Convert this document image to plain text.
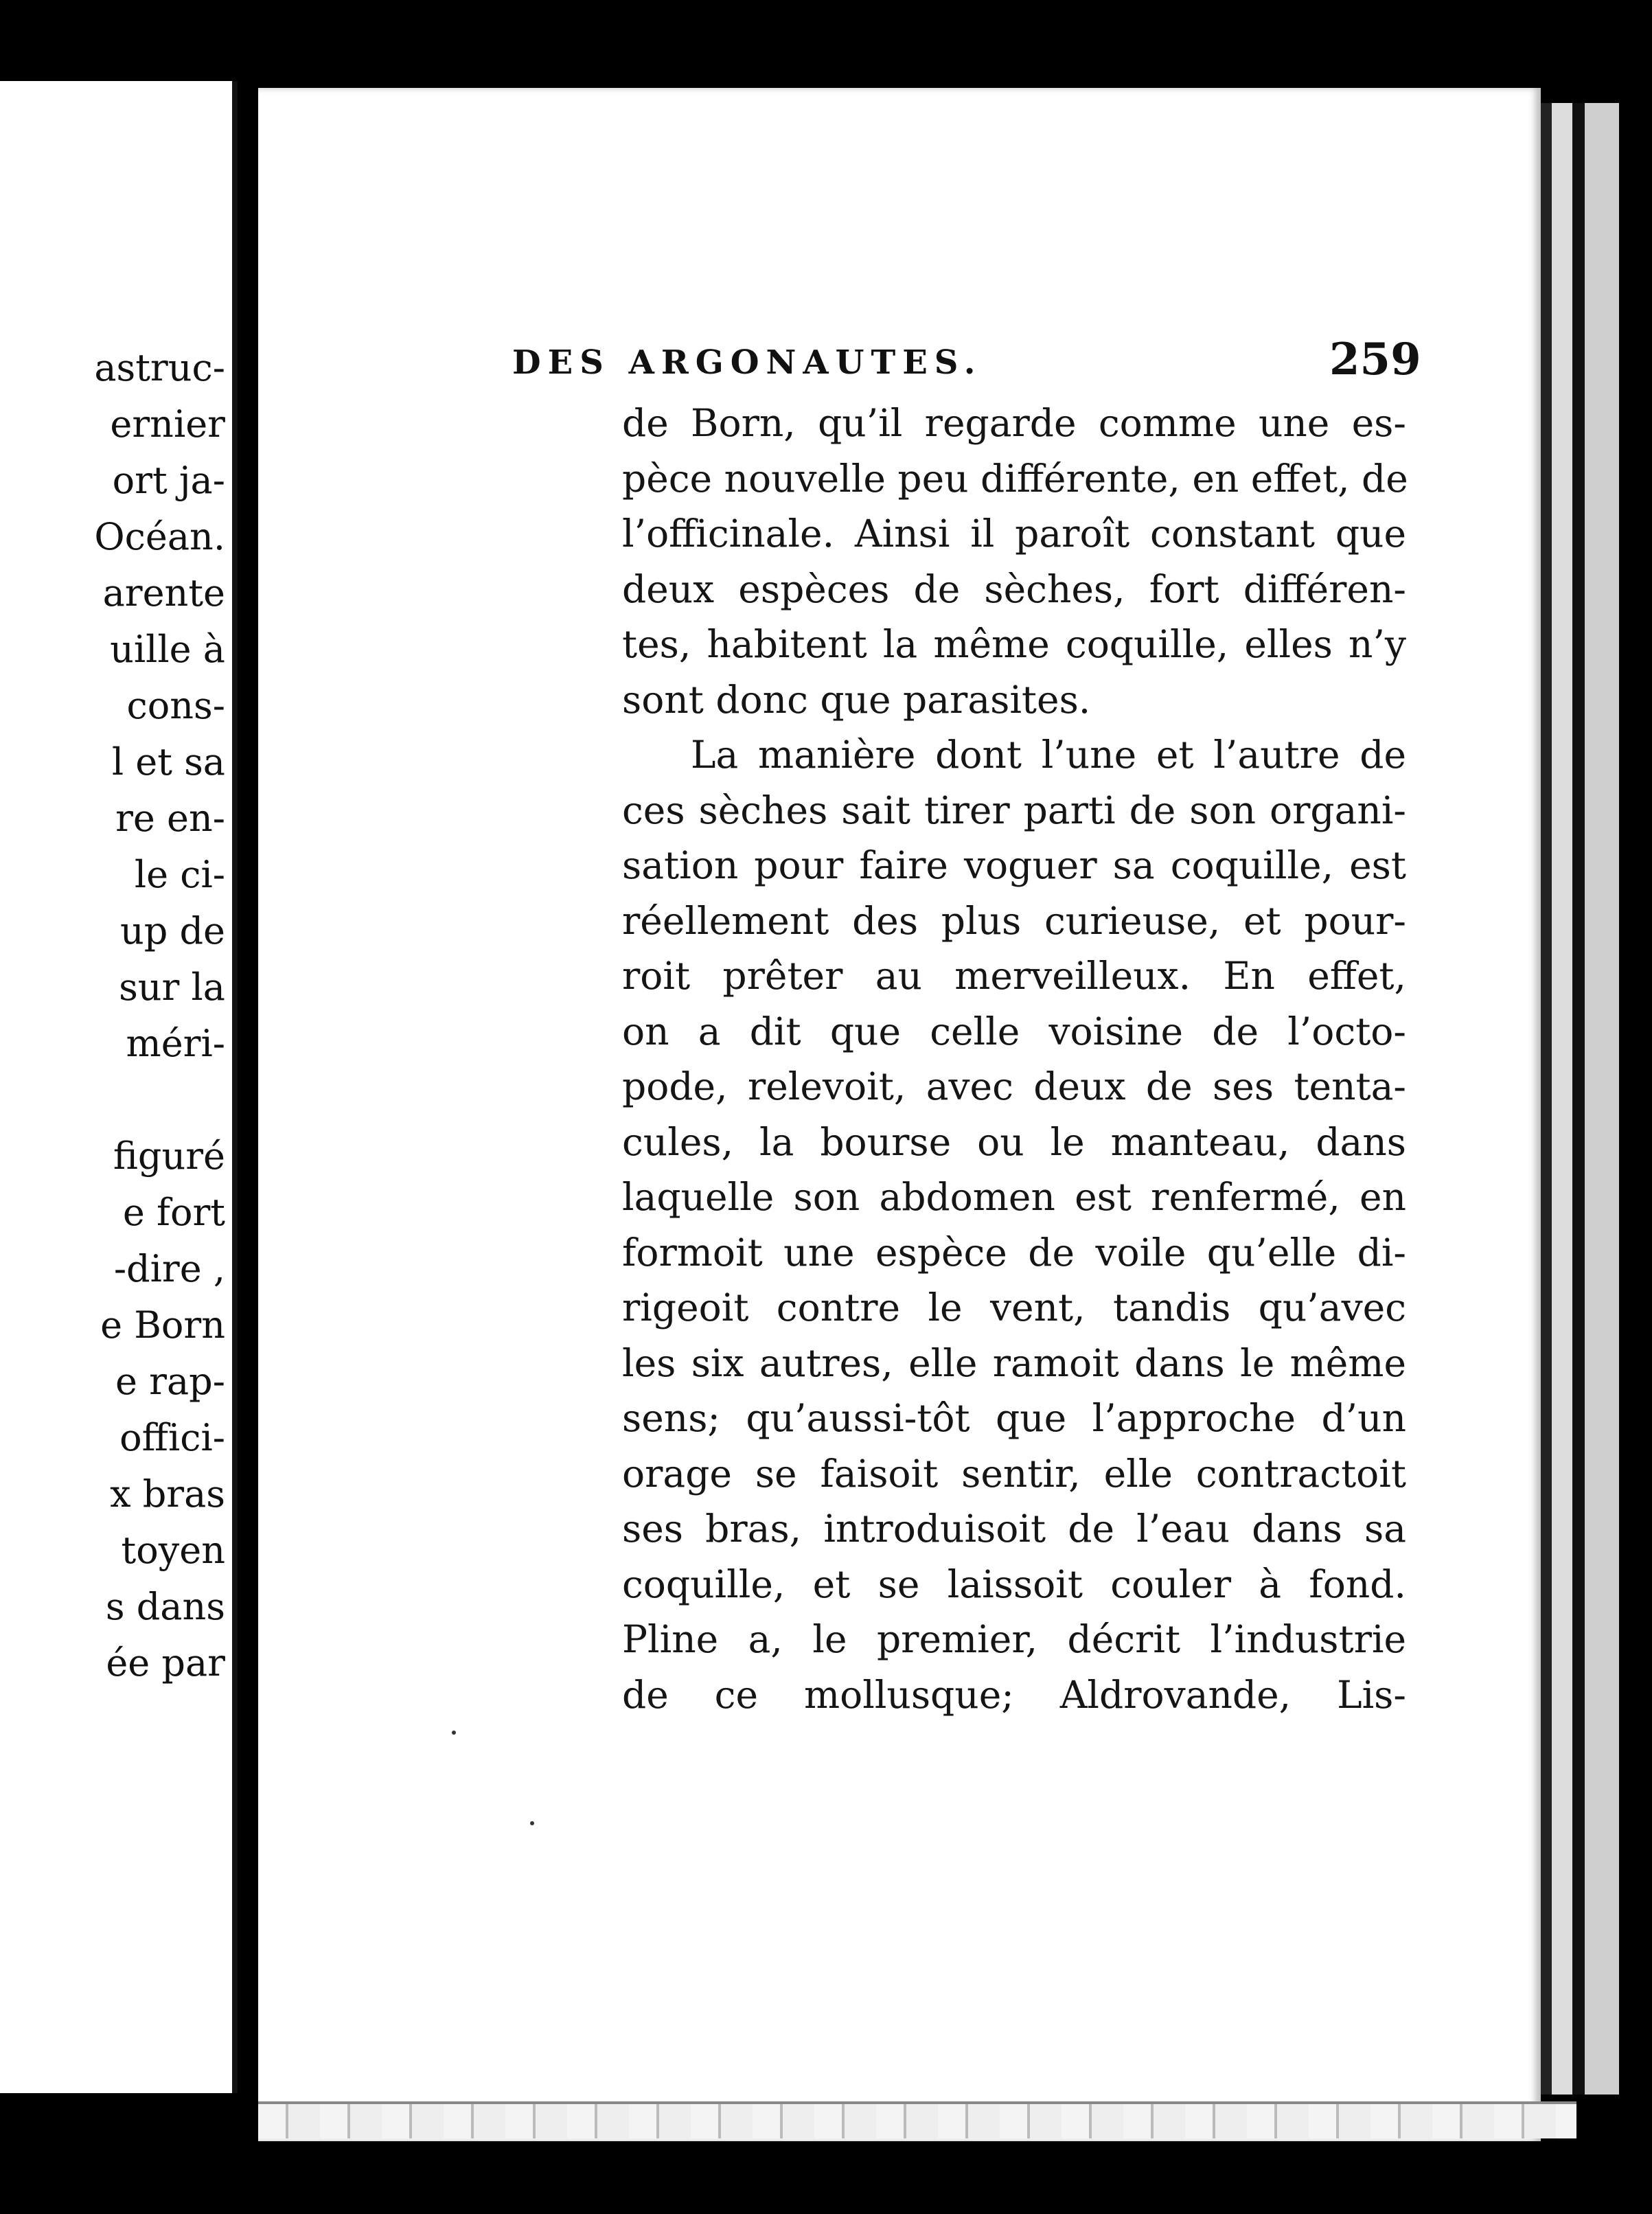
astruc-
ernier
ort ja-
Océan.
arente
uille à
cons-
l et sa
re en-
le ci-
up de
sur la
méri-
figuré
e fort
-dire ,
e Born
e rap-
offici-
x bras
toyen
s dans
ée par
DES ARGONAUTES.	259
de Born, qu’il regarde comme une es-
pèce nouvelle peu différente, en effet, de
l’officinale. Ainsi il paroît constant que
deux espèces de sèches, fort différen-
tes, habitent la même coquille, elles n’y
sont donc que parasites.
La manière dont l’une et l’autre de
ces sèches sait tirer parti de son organi-
sation pour faire voguer sa coquille, est
réellement des plus curieuse, et pour-
roit prêter au merveilleux. En effet,
on a dit que celle voisine de l’octo-
pode, relevoit, avec deux de ses tenta-
cules, la bourse ou le manteau, dans
laquelle son abdomen est renfermé, en
formoit une espèce de voile qu’elle di-
rigeoit contre le vent, tandis qu’avec
les six autres, elle ramoit dans le même
sens; qu’aussi-tôt que l’approche d’un
orage se faisoit sentir, elle contractoit
ses bras, introduisoit de l’eau dans sa
coquille, et se laissoit couler à fond.
Pline a, le premier, décrit l’industrie
de ce mollusque; Aldrovande, Lis-
